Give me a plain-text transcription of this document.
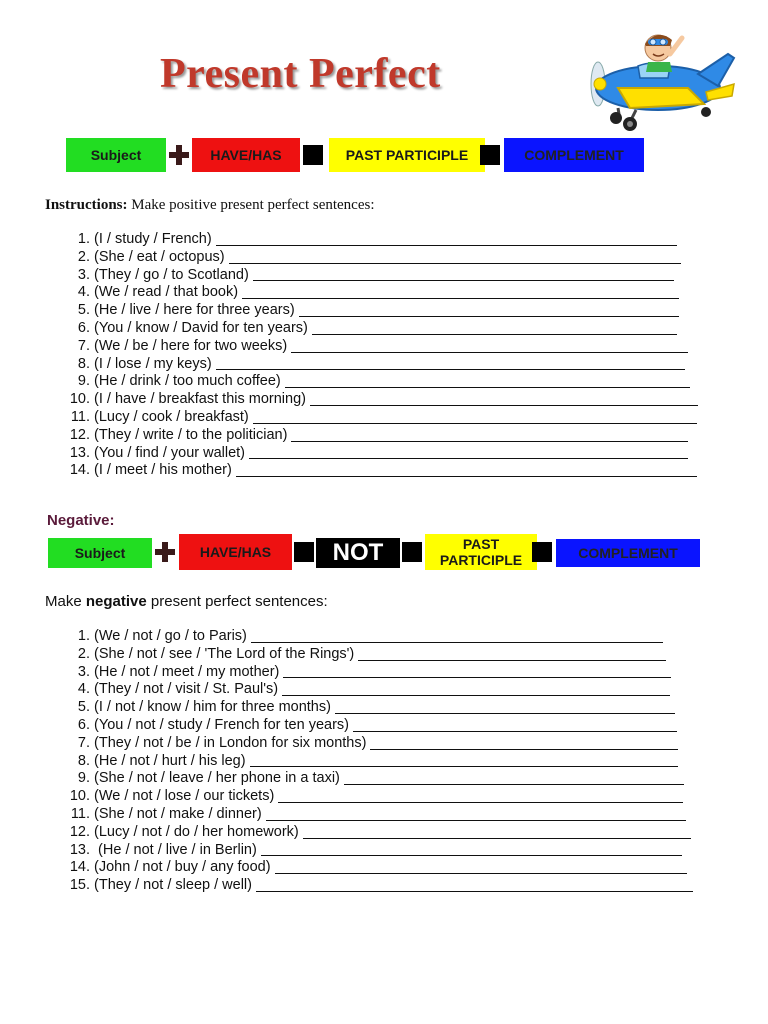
Present Perfect
Subject	HAVE/HAS	PAST PARTICIPLE	COMPLEMENT
Instructions: Make positive present perfect sentences:
1. (I / study / French)
2. (She / eat / octopus)
3. (They / go / to Scotland)
4. (We / read / that book)
5. (He / live / here for three years)
6. (You / know / David for ten years)
7. (We / be / here for two weeks)
8. (I / lose / my keys)
9. (He / drink / too much coffee)
10. (I / have / breakfast this morning)
11. (Lucy / cook / breakfast)
12. (They / write / to the politician)
13. (You / find / your wallet)
14. (I / meet / his mother)
Negative:
Subject	HAVE/HAS	NOT	PAST PARTICIPLE	COMPLEMENT
Make negative present perfect sentences:
1. (We / not / go / to Paris)
2. (She / not / see / 'The Lord of the Rings')
3. (He / not / meet / my mother)
4. (They / not / visit / St. Paul's)
5. (I / not / know / him for three months)
6. (You / not / study / French for ten years)
7. (They / not / be / in London for six months)
8. (He / not / hurt / his leg)
9. (She / not / leave / her phone in a taxi)
10. (We / not / lose / our tickets)
11. (She / not / make / dinner)
12. (Lucy / not / do / her homework)
13.  (He / not / live / in Berlin)
14. (John / not / buy / any food)
15. (They / not / sleep / well)
